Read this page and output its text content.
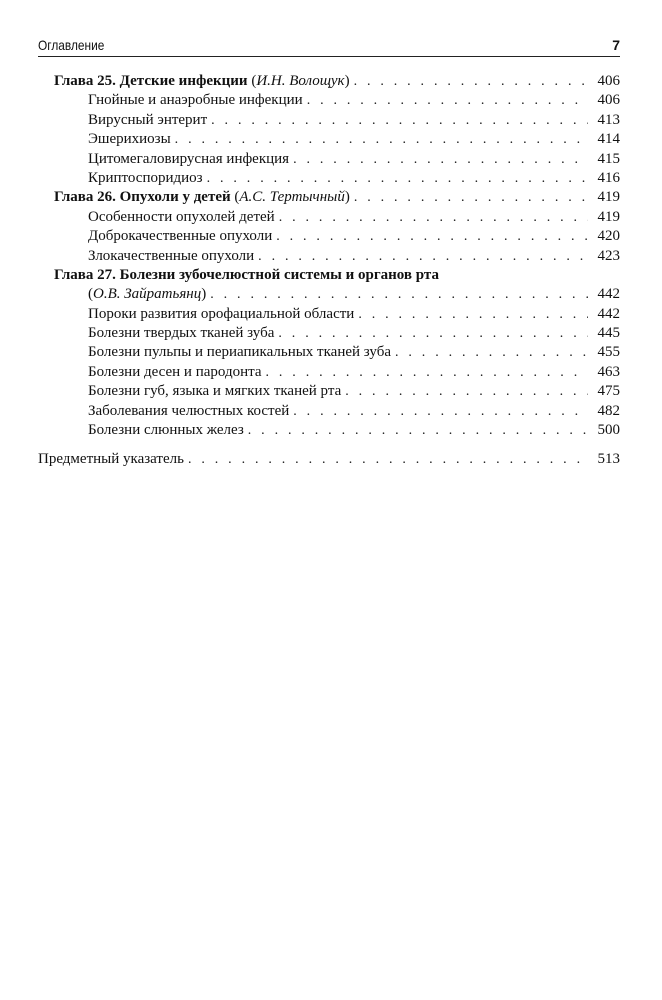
Оглавление	7
Глава 25. Детские инфекции (И.Н. Волощук) . . .	406
Гнойные и анаэробные инфекции . . .	406
Вирусный энтерит . . .	413
Эшерихиозы . . .	414
Цитомегаловирусная инфекция . . .	415
Криптоспоридиоз . . .	416
Глава 26. Опухоли у детей (А.С. Тертычный) . . .	419
Особенности опухолей детей . . .	419
Доброкачественные опухоли . . .	420
Злокачественные опухоли . . .	423
Глава 27. Болезни зубочелюстной системы и органов рта
(О.В. Зайратьянц) . . .	442
Пороки развития орофациальной области . . .	442
Болезни твердых тканей зуба . . .	445
Болезни пульпы и периапикальных тканей зуба . . .	455
Болезни десен и пародонта . . .	463
Болезни губ, языка и мягких тканей рта . . .	475
Заболевания челюстных костей . . .	482
Болезни слюнных желез . . .	500
Предметный указатель . . .	513
